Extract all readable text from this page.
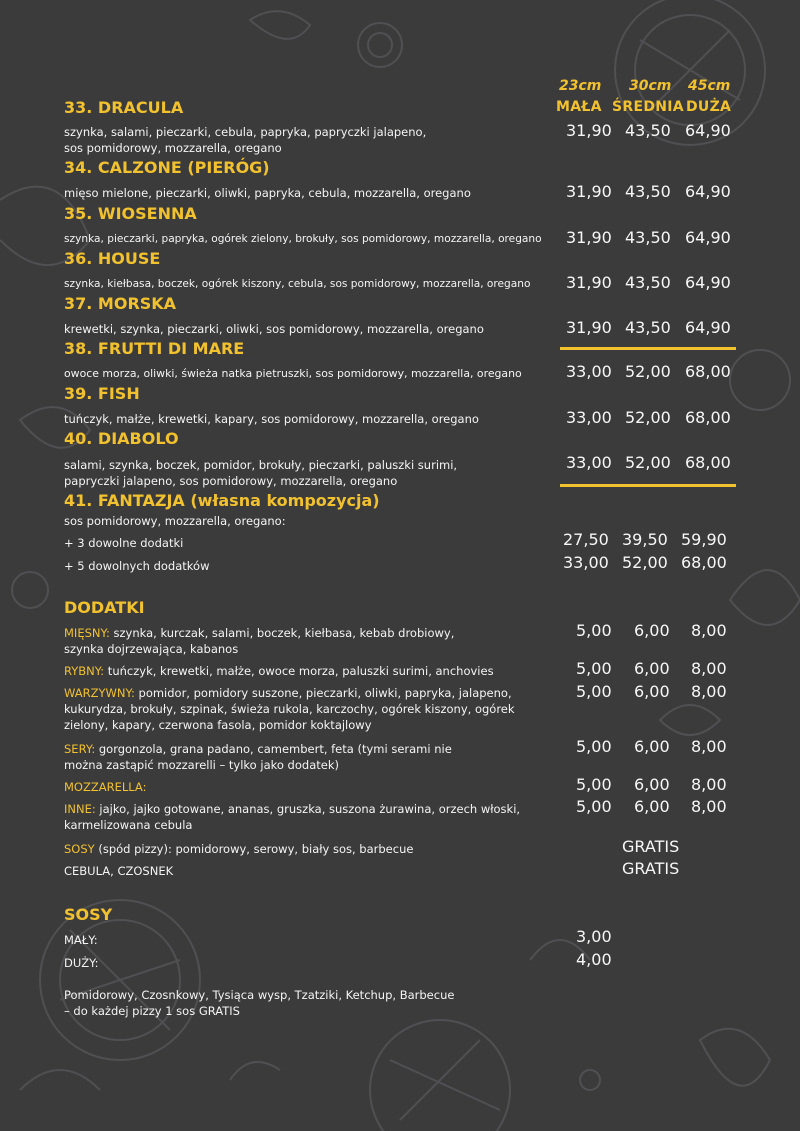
23cm 30cm 45cm
MAŁA ŚREDNIA DUŻA
33. DRACULA
szynka, salami, pieczarki, cebula, papryka, papryczki jalapeno, sos pomidorowy, mozzarella, oregano
31,90 43,50 64,90
34. CALZONE (PIERÓG)
mięso mielone, pieczarki, oliwki, papryka, cebula, mozzarella, oregano	31,90 43,50 64,90
35. WIOSENNA
szynka, pieczarki, papryka, ogórek zielony, brokuły, sos pomidorowy, mozzarella, oregano 31,90 43,50 64,90
36. HOUSE
szynka, kiełbasa, boczek, ogórek kiszony, cebula, sos pomidorowy, mozzarella, oregano 31,90 43,50 64,90
37. MORSKA
krewetki, szynka, pieczarki, oliwki, sos pomidorowy, mozzarella, oregano	31,90 43,50 64,90
38. FRUTTI DI MARE
owoce morza, oliwki, świeża natka pietruszki, sos pomidorowy, mozzarella, oregano	33,00 52,00 68,00
39. FISH
tuńczyk, małże, krewetki, kapary, sos pomidorowy, mozzarella, oregano	33,00 52,00 68,00
40. DIABOLO
salami, szynka, boczek, pomidor, brokuły, pieczarki, paluszki surimi, papryczki jalapeno, sos pomidorowy, mozzarella, oregano
33,00 52,00 68,00
41. FANTAZJA (własna kompozycja)
sos pomidorowy, mozzarella, oregano:
+ 3 dowolne dodatki	27,50 39,50 59,90
+ 5 dowolnych dodatków	33,00 52,00 68,00
DODATKI
MIĘSNY: szynka, kurczak, salami, boczek, kiełbasa, kebab drobiowy, szynka dojrzewająca, kabanos
5,00 6,00 8,00
RYBNY: tuńczyk, krewetki, małże, owoce morza, paluszki surimi, anchovies	5,00 6,00 8,00
WARZYWNY: pomidor, pomidory suszone, pieczarki, oliwki, papryka, jalapeno, kukurydza, brokuły, szpinak, świeża rukola, karczochy, ogórek kiszony, ogórek zielony, kapary, czerwona fasola, pomidor koktajlowy
5,00 6,00 8,00
SERY: gorgonzola, grana padano, camembert, feta (tymi serami nie można zastąpić mozzarelli – tylko jako dodatek)
5,00 6,00 8,00
MOZZARELLA:	5,00 6,00 8,00
INNE: jajko, jajko gotowane, ananas, gruszka, suszona żurawina, orzech włoski, karmelizowana cebula
5,00 6,00 8,00
SOSY (spód pizzy): pomidorowy, serowy, biały sos, barbecue	GRATIS
CEBULA, CZOSNEK	GRATIS
SOSY
MAŁY:	3,00
DUŻY:	4,00
Pomidorowy, Czosnkowy, Tysiąca wysp, Tzatziki, Ketchup, Barbecue
– do każdej pizzy 1 sos GRATIS
